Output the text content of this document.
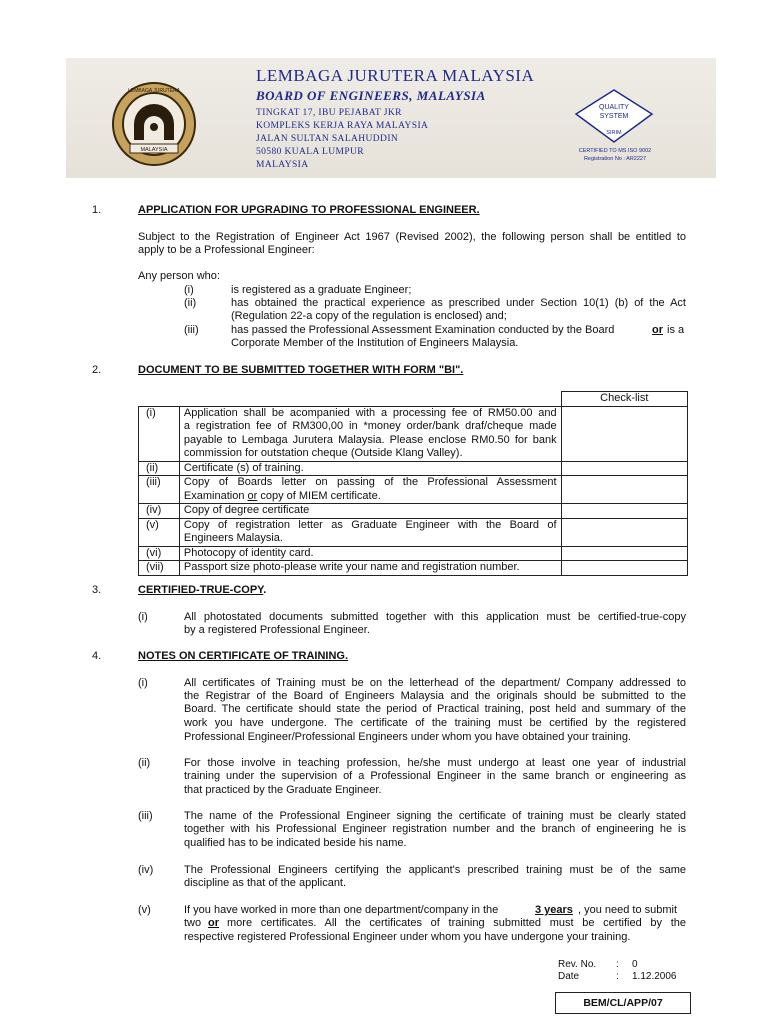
MALAYSIA
LEMBAGA JURUTERA
LEMBAGA JURUTERA MALAYSIA
BOARD OF ENGINEERS, MALAYSIA
TINGKAT 17, IBU PEJABAT JKR
KOMPLEKS KERJA RAYA MALAYSIA
JALAN SULTAN SALAHUDDIN
50580 KUALA LUMPUR
MALAYSIA
QUALITY
SYSTEM
SIRIM
CERTIFIED TO MS ISO 9002
Registration No : AR2227
1.	APPLICATION FOR UPGRADING TO PROFESSIONAL ENGINEER.
Subject to the Registration of Engineer Act 1967 (Revised 2002), the following person shall be entitled to
apply to be a Professional Engineer:
Any person who:
(i)	is registered as a graduate Engineer;
(ii)	has obtained the practical experience as prescribed under Section 10(1) (b) of the Act
(Regulation 22-a copy of the regulation is enclosed) and;
(iii)	has passed the Professional Assessment Examination conducted by the Board	or is a
Corporate Member of the Institution of Engineers Malaysia.
2.	DOCUMENT TO BE SUBMITTED TOGETHER WITH FORM "BI".
		Check-list
(i)	Application shall be acompanied with a processing fee of RM50.00 and
a registration fee of RM300,00 in *money order/bank draf/cheque made
payable to Lembaga Jurutera Malaysia. Please enclose RM0.50 for bank
commission for outstation cheque (Outside Klang Valley).	

(ii)	Certificate (s) of training.	
(iii)	Copy of Boards letter on passing of the Professional Assessment
Examination or copy of MIEM certificate.	

(iv)	Copy of degree certificate	
(v)	Copy of registration letter as Graduate Engineer with the Board of
Engineers Malaysia.	

(vi)	Photocopy of identity card.	
(vii)	Passport size photo-please write your name and registration number.	
3.	CERTIFIED-TRUE-COPY.
(i)	All photostated documents submitted together with this application must be certified-true-copy
by a registered Professional Engineer.
4.	NOTES ON CERTIFICATE OF TRAINING.
(i)	All certificates of Training must be on the letterhead of the department/ Company addressed to
the Registrar of the Board of Engineers Malaysia and the originals should be submitted to the
Board. The certificate should state the period of Practical training, post held and summary of the
work you have undergone. The certificate of the training must be certified by the registered
Professional Engineer/Professional Engineers under whom you have obtained your training.
(ii)	For those involve in teaching profession, he/she must undergo at least one year of industrial
training under the supervision of a Professional Engineer in the same branch or engineering as
that practiced by the Graduate Engineer.
(iii)	The name of the Professional Engineer signing the certificate of training must be clearly stated
together with his Professional Engineer registration number and the branch of engineering he is
qualified has to be indicated beside his name.
(iv)	The Professional Engineers certifying the applicant's prescribed training must be of the same
discipline as that of the applicant.
(v)	If you have worked in more than one department/company in the	3 years , you need to submit
two or more certificates. All the certificates of training submitted must be certified by the
respective registered Professional Engineer under whom you have undergone your training.
Rev. No. : 0
Date	: 1.12.2006
BEM/CL/APP/07
